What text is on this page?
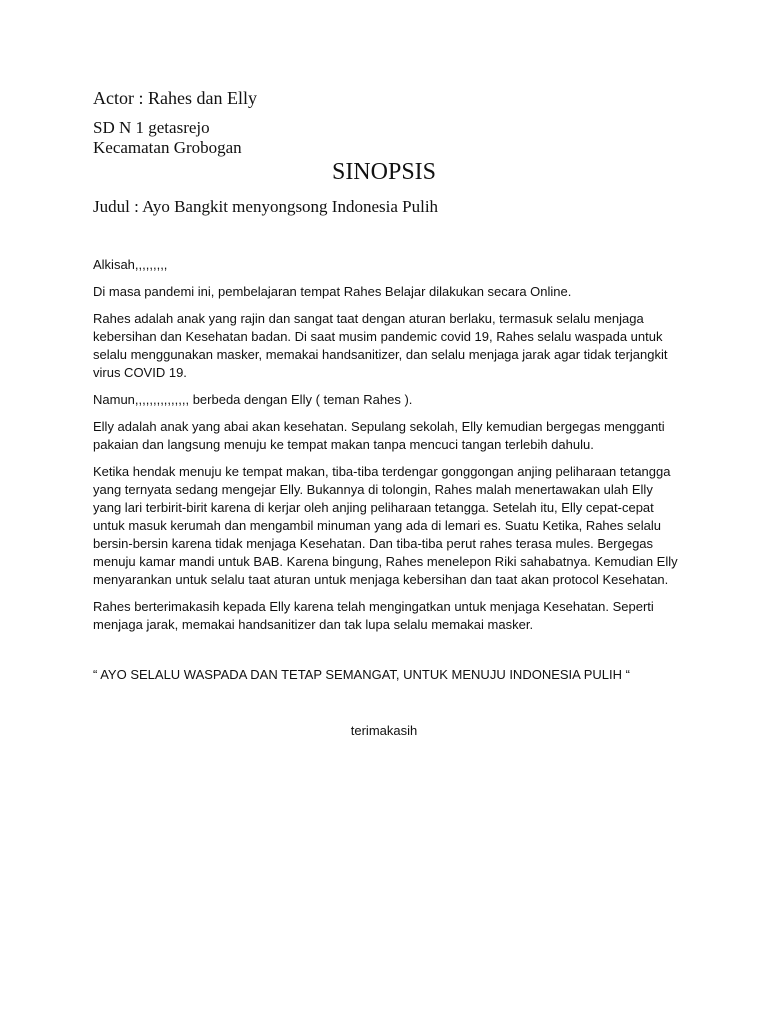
Actor : Rahes dan Elly
SD N 1 getasrejo
Kecamatan Grobogan
SINOPSIS
Judul : Ayo Bangkit menyongsong Indonesia Pulih

Alkisah,,,,,,,,,

Di masa pandemi ini, pembelajaran tempat Rahes Belajar dilakukan secara Online.

Rahes adalah anak yang rajin dan sangat taat dengan aturan berlaku, termasuk selalu menjaga kebersihan dan Kesehatan badan. Di saat musim pandemic covid 19, Rahes selalu waspada untuk selalu menggunakan masker, memakai handsanitizer, dan selalu menjaga jarak agar tidak terjangkit virus COVID 19.

Namun,,,,,,,,,,,,,,, berbeda dengan Elly ( teman Rahes ).

Elly adalah anak yang abai akan kesehatan. Sepulang sekolah, Elly kemudian bergegas mengganti pakaian dan langsung menuju ke tempat makan tanpa mencuci tangan terlebih dahulu.

Ketika hendak menuju ke tempat makan, tiba-tiba terdengar gonggongan anjing peliharaan tetangga yang ternyata sedang mengejar Elly. Bukannya di tolongin, Rahes malah menertawakan ulah Elly yang lari terbirit-birit karena di kerjar oleh anjing peliharaan tetangga. Setelah itu, Elly cepat-cepat untuk masuk kerumah dan mengambil minuman yang ada di lemari es. Suatu Ketika, Rahes selalu bersin-bersin karena tidak menjaga Kesehatan. Dan tiba-tiba perut rahes terasa mules. Bergegas menuju kamar mandi untuk BAB. Karena bingung, Rahes menelepon Riki sahabatnya. Kemudian Elly menyarankan untuk selalu taat aturan untuk menjaga kebersihan dan taat akan protocol Kesehatan.

Rahes berterimakasih kepada Elly karena telah mengingatkan untuk menjaga Kesehatan. Seperti menjaga jarak, memakai handsanitizer dan tak lupa selalu memakai masker.

“ AYO SELALU WASPADA DAN TETAP SEMANGAT, UNTUK MENUJU INDONESIA PULIH “
terimakasih
